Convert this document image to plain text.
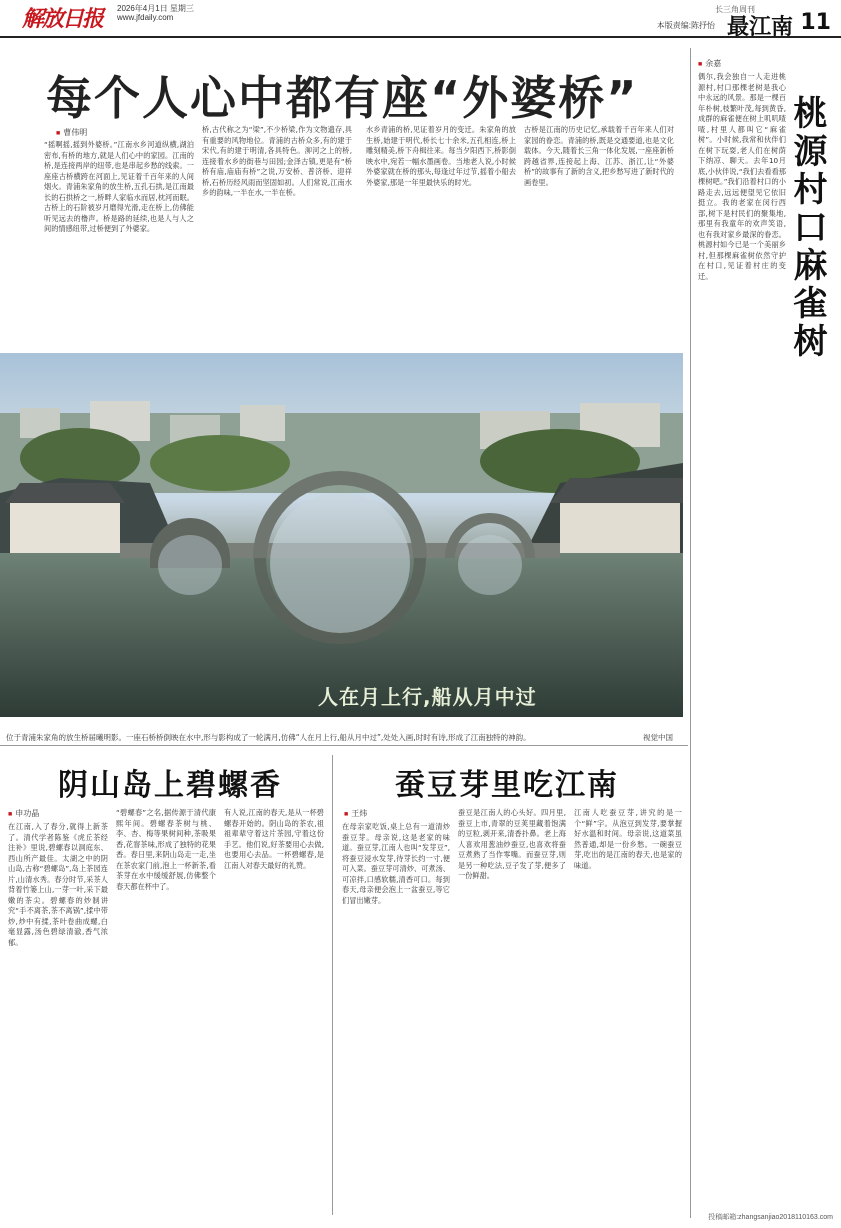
解放日报	2026年4月1日 星期三
www.jfdaily.com
长三角周刊
本版责编:陈抒怡 最江南 11
每个人心中都有座“外婆桥”
■ 曹伟明
“摇啊摇,摇到外婆桥。”江南水乡河道纵横,湖泊密布,有桥的地方,就是人们心中的家园。江南的桥,是连接两岸的纽带,也是串起乡愁的线索。一座座古桥横跨在河面上,见证着千百年来的人间烟火。青浦朱家角的放生桥,五孔石拱,是江南最长的石拱桥之一,桥畔人家临水而居,枕河而眠。古桥上的石阶被岁月磨得光滑,走在桥上,仿佛能听见远去的橹声。桥是路的延续,也是人与人之间的情感纽带,过桥便到了外婆家。
桥,古代称之为“梁”,不少桥梁,作为文物遗存,具有重要的风物地位。青浦的古桥众多,有的建于宋代,有的建于明清,各具特色。泖河之上的桥,连接着水乡的街巷与田园;金泽古镇,更是有“桥桥有庙,庙庙有桥”之说,万安桥、普济桥、迎祥桥,石桥历经风雨而坚固如初。人们常说,江南水乡的韵味,一半在水,一半在桥。
水乡青浦的桥,见证着岁月的变迁。朱家角的放生桥,始建于明代,桥长七十余米,五孔相连,桥上雕刻精美,桥下舟楫往来。每当夕阳西下,桥影倒映水中,宛若一幅水墨画卷。当地老人说,小时候外婆家就在桥的那头,每逢过年过节,摇着小船去外婆家,那是一年里最快乐的时光。
古桥是江南的历史记忆,承载着千百年来人们对家园的眷恋。青浦的桥,既是交通要道,也是文化载体。今天,随着长三角一体化发展,一座座新桥跨越省界,连接起上海、江苏、浙江,让“外婆桥”的故事有了新的含义,把乡愁写进了新时代的画卷里。
■ 余嘉
桃源村口麻雀树
偶尔,我会独自一人走进桃源村,村口那棵老树是我心中永远的风景。那是一棵百年朴树,枝繁叶茂,每到黄昏,成群的麻雀便在树上叽叽喳喳,村里人都叫它“麻雀树”。小时候,我常和伙伴们在树下玩耍,老人们在树荫下纳凉、聊天。去年10月底,小伙伴说,“我们去看看那棵树吧。”我们沿着村口的小路走去,远远便望见它依旧挺立。我的老家在闵行西部,树下是村民们的聚集地,那里有我童年的欢声笑语,也有我对家乡最深的眷恋。桃源村如今已是一个美丽乡村,但那棵麻雀树依然守护在村口,见证着村庄的变迁。
人在月上行,船从月中过
位于青浦朱家角的放生桥届曦明影。一座石桥桥倒映在水中,形与影构成了一轮满月,仿佛“人在月上行,船从月中过”,处处入画,时时有诗,形成了江南独特的神韵。	视觉中国
阴山岛上碧螺香
■ 申功晶
在江南,入了春分,就得上新茶了。清代学者陈鉴《虎丘茶经注补》里说,碧螺春以洞庭东、西山所产最佳。太湖之中的阴山岛,古称“碧螺岛”,岛上茶园连片,山清水秀。春分时节,采茶人背着竹篓上山,一芽一叶,采下最嫩的茶尖。碧螺春的炒制讲究“手不离茶,茶不离锅”,揉中带炒,炒中有揉,茶叶卷曲成螺,白毫显露,汤色碧绿清澈,香气浓郁。
“碧螺春”之名,据传源于清代康熙年间。碧螺春茶树与桃、李、杏、梅等果树间种,茶吸果香,花窨茶味,形成了独特的花果香。春日里,来阴山岛走一走,坐在茶农家门前,泡上一杯新茶,看茶芽在水中缓缓舒展,仿佛整个春天都在杯中了。
有人说,江南的春天,是从一杯碧螺春开始的。阴山岛的茶农,祖祖辈辈守着这片茶园,守着这份手艺。他们说,好茶要用心去做,也要用心去品。一杯碧螺春,是江南人对春天最好的礼赞。
蚕豆芽里吃江南
■ 王炜
在母亲家吃饭,桌上总有一道清炒蚕豆芽。母亲说,这是老家的味道。蚕豆芽,江南人也叫“发芽豆”,将蚕豆浸水发芽,待芽长约一寸,便可入菜。蚕豆芽可清炒、可煮汤、可凉拌,口感软糯,清香可口。每到春天,母亲便会泡上一盆蚕豆,等它们冒出嫩芽。
蚕豆是江南人的心头好。四月里,蚕豆上市,青翠的豆荚里藏着饱满的豆粒,剥开来,清香扑鼻。老上海人喜欢用葱油炒蚕豆,也喜欢将蚕豆煮熟了当作零嘴。而蚕豆芽,则是另一种吃法,豆子发了芽,便多了一份鲜甜。
江南人吃蚕豆芽,讲究的是一个“鲜”字。从泡豆到发芽,要掌握好水温和时间。母亲说,这道菜虽然普通,却是一份乡愁。一碗蚕豆芽,吃出的是江南的春天,也是家的味道。
投稿邮箱:zhangsanjiao2018110163.com
